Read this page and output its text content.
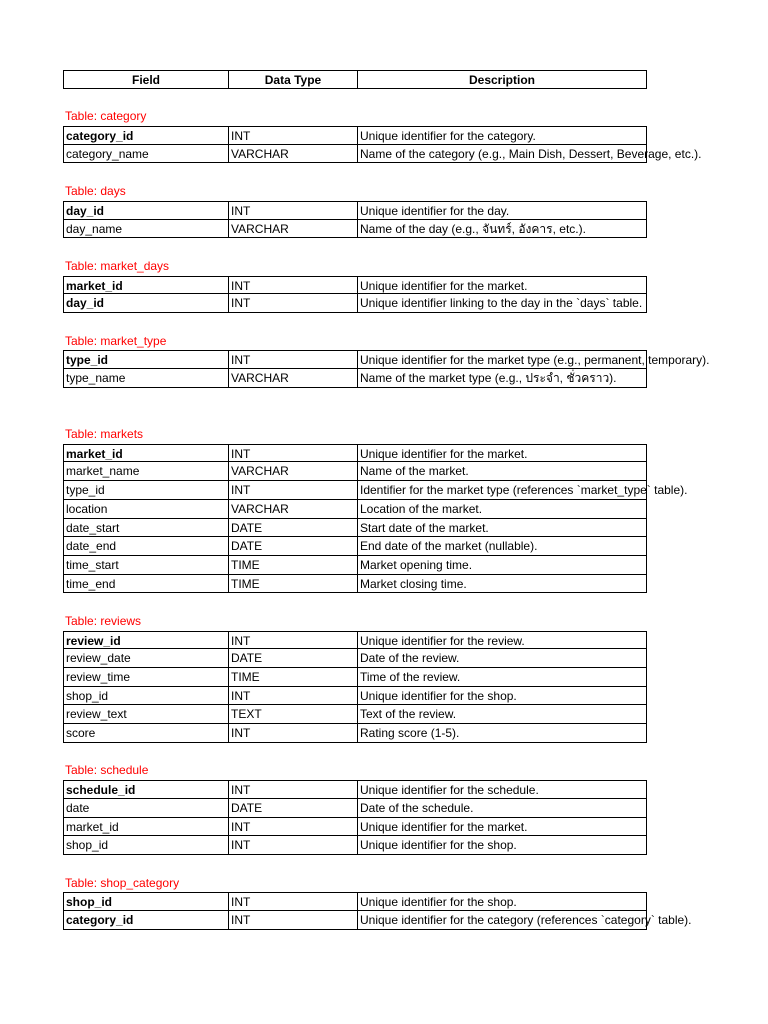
Field	Data Type	Description
Table: category
category_id	INT	Unique identifier for the category.
category_name	VARCHAR	Name of the category (e.g., Main Dish, Dessert, Beverage, etc.).
Table: days
day_id	INT	Unique identifier for the day.
day_name	VARCHAR	Name of the day (e.g., จันทร์, อังคาร, etc.).
Table: market_days
market_id	INT	Unique identifier for the market.
day_id	INT	Unique identifier linking to the day in the `days` table.
Table: market_type
type_id	INT	Unique identifier for the market type (e.g., permanent, temporary).
type_name	VARCHAR	Name of the market type (e.g., ประจำ, ชั่วคราว).
Table: markets
market_id	INT	Unique identifier for the market.
market_name	VARCHAR	Name of the market.
type_id	INT	Identifier for the market type (references `market_type` table).
location	VARCHAR	Location of the market.
date_start	DATE	Start date of the market.
date_end	DATE	End date of the market (nullable).
time_start	TIME	Market opening time.
time_end	TIME	Market closing time.
Table: reviews
review_id	INT	Unique identifier for the review.
review_date	DATE	Date of the review.
review_time	TIME	Time of the review.
shop_id	INT	Unique identifier for the shop.
review_text	TEXT	Text of the review.
score	INT	Rating score (1-5).
Table: schedule
schedule_id	INT	Unique identifier for the schedule.
date	DATE	Date of the schedule.
market_id	INT	Unique identifier for the market.
shop_id	INT	Unique identifier for the shop.
Table: shop_category
shop_id	INT	Unique identifier for the shop.
category_id	INT	Unique identifier for the category (references `category` table).
